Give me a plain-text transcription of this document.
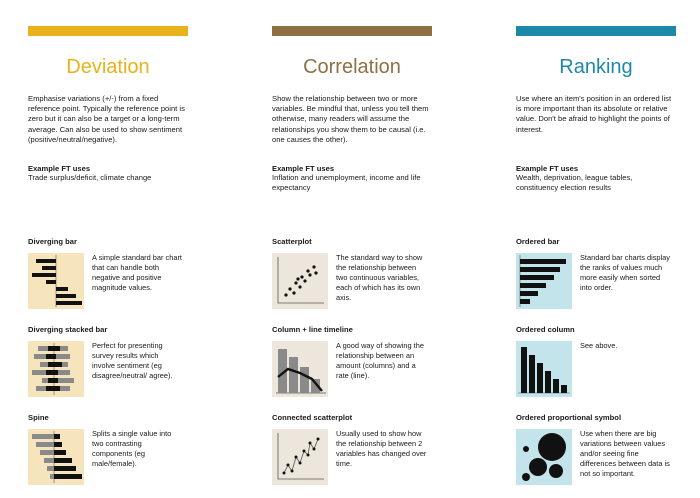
Deviation
Emphasise variations (+/-) from a fixed reference point. Typically the reference point is zero but it can also be a target or a long-term average. Can also be used to show sentiment (positive/neutral/negative).
Example FT uses
Trade surplus/deficit, climate change
Correlation
Show the relationship between two or more variables. Be mindful that, unless you tell them otherwise, many readers will assume the relationships you show them to be causal (i.e. one causes the other).
Example FT uses
Inflation and unemployment, income and life expectancy
Ranking
Use where an item's position in an ordered list is more important than its absolute or relative value. Don't be afraid to highlight the points of interest.
Example FT uses
Wealth, deprivation, league tables, constituency election results
Diverging bar
A simple standard bar chart that can handle both negative and positive magnitude values.
Diverging stacked bar
Perfect for presenting survey results which involve sentiment (eg disagree/neutral/ agree).
Spine
Splits a single value into two contrasting components (eg male/female).
Scatterplot
The standard way to show the relationship between two continuous variables, each of which has its own axis.
Column + line timeline
A good way of showing the relationship between an amount (columns) and a rate (line).
Connected scatterplot
Usually used to show how the relationship between 2 variables has changed over time.
Ordered bar
Standard bar charts display the ranks of values much more easily when sorted into order.
Ordered column
See above.
Ordered proportional symbol
Use when there are big variations between values and/or seeing fine differences between data is not so important.
